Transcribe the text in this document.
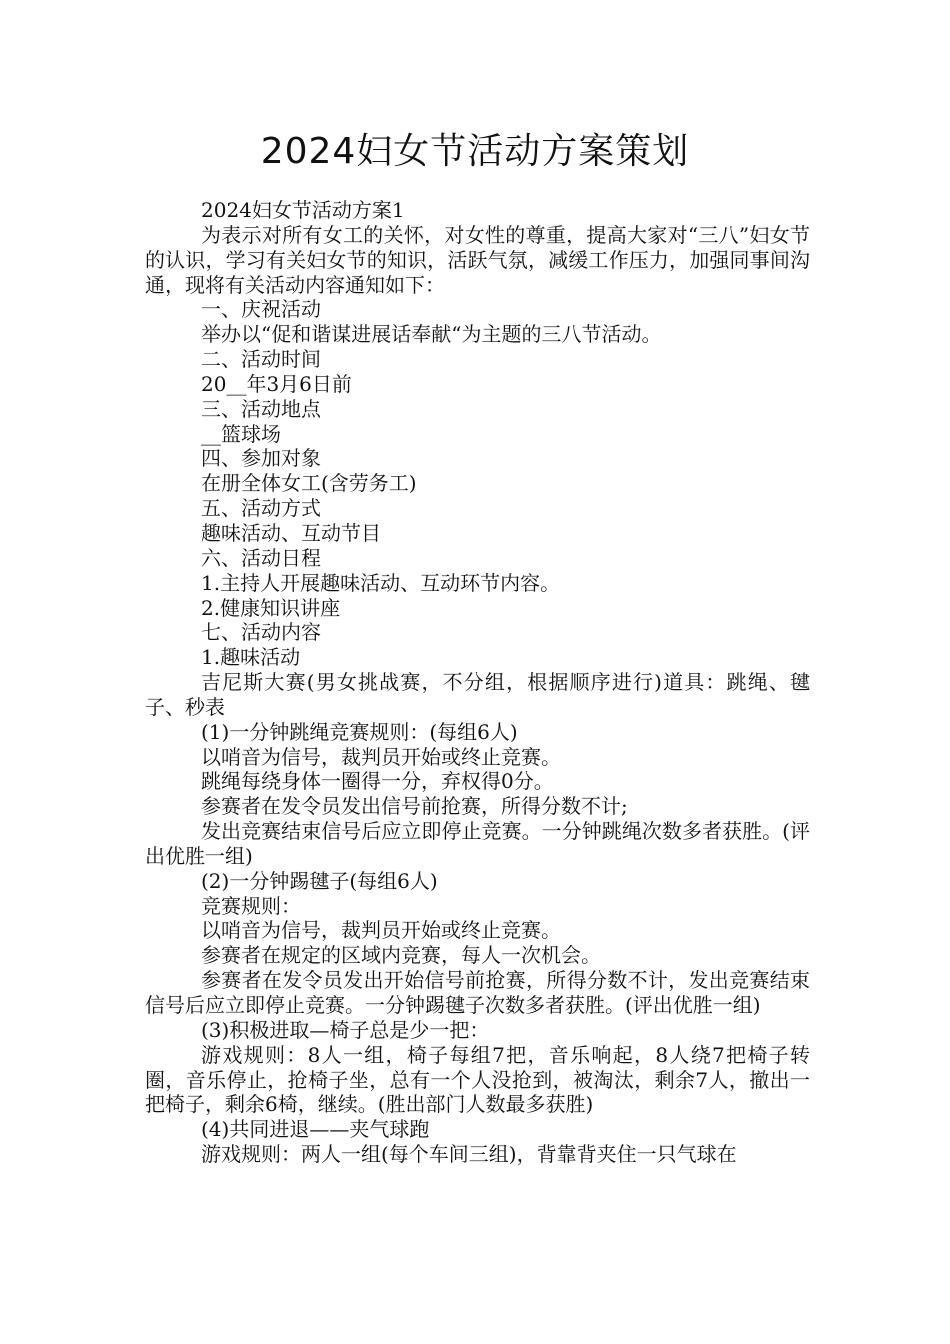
2024妇女节活动方案策划

2024妇女节活动方案1

为表示对所有女工的关怀，对女性的尊重，提高大家对“三八”妇女节的认识，学习有关妇女节的知识，活跃气氛，减缓工作压力，加强同事间沟通，现将有关活动内容通知如下：

一、庆祝活动

举办以“促和谐谋进展话奉献“为主题的三八节活动。

二、活动时间

20__年3月6日前

三、活动地点

__篮球场

四、参加对象

在册全体女工(含劳务工)

五、活动方式

趣味活动、互动节目

六、活动日程

1.主持人开展趣味活动、互动环节内容。

2.健康知识讲座

七、活动内容

1.趣味活动

吉尼斯大赛(男女挑战赛，不分组，根据顺序进行)道具：跳绳、毽子、秒表

(1)一分钟跳绳竞赛规则：(每组6人)

以哨音为信号，裁判员开始或终止竞赛。

跳绳每绕身体一圈得一分，弃权得0分。

参赛者在发令员发出信号前抢赛，所得分数不计;

发出竞赛结束信号后应立即停止竞赛。一分钟跳绳次数多者获胜。(评出优胜一组)

(2)一分钟踢毽子(每组6人)

竞赛规则：

以哨音为信号，裁判员开始或终止竞赛。

参赛者在规定的区域内竞赛，每人一次机会。

参赛者在发令员发出开始信号前抢赛，所得分数不计，发出竞赛结束信号后应立即停止竞赛。一分钟踢毽子次数多者获胜。(评出优胜一组)

(3)积极进取—椅子总是少一把：

游戏规则：8人一组，椅子每组7把，音乐响起，8人绕7把椅子转圈，音乐停止，抢椅子坐，总有一个人没抢到，被淘汰，剩余7人，撤出一把椅子，剩余6椅，继续。(胜出部门人数最多获胜)

(4)共同进退——夹气球跑

游戏规则：两人一组(每个车间三组)，背靠背夹住一只气球在
